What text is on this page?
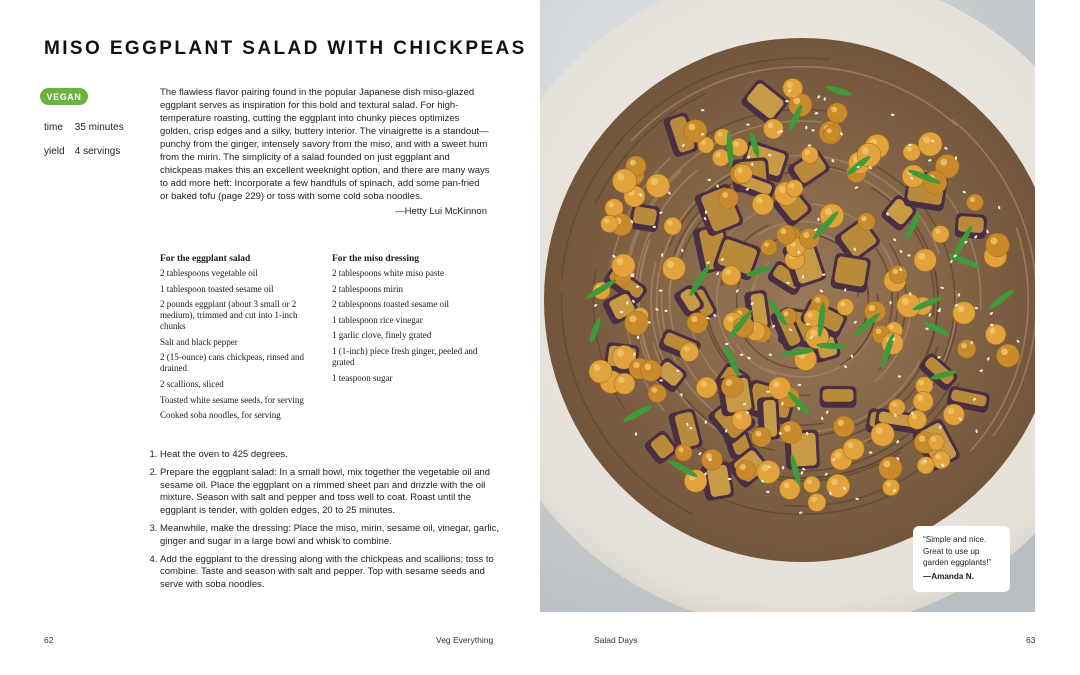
MISO EGGPLANT SALAD WITH CHICKPEAS
VEGAN
time 35 minutes
yield 4 servings

The flawless flavor pairing found in the popular Japanese dish miso-glazed eggplant serves as inspiration for this bold and textural salad. For high-temperature roasting, cutting the eggplant into chunky pieces optimizes golden, crisp edges and a silky, buttery interior. The vinaigrette is a standout—punchy from the ginger, intensely savory from the miso, and with a sweet hum from the mirin. The simplicity of a salad founded on just eggplant and chickpeas makes this an excellent weeknight option, and there are many ways to add more heft: Incorporate a few handfuls of spinach, add some pan-fried or baked tofu (page 229) or toss with some cold soba noodles.

—Hetty Lui McKinnon
For the eggplant salad
2 tablespoons vegetable oil
1 tablespoon toasted sesame oil
2 pounds eggplant (about 3 small or 2 medium), trimmed and cut into 1-inch chunks
Salt and black pepper
2 (15-ounce) cans chickpeas, rinsed and drained
2 scallions, sliced
Toasted white sesame seeds, for serving
Cooked soba noodles, for serving
For the miso dressing
2 tablespoons white miso paste
2 tablespoons mirin
2 tablespoons toasted sesame oil
1 tablespoon rice vinegar
1 garlic clove, finely grated
1 (1-inch) piece fresh ginger, peeled and grated
1 teaspoon sugar
1. Heat the oven to 425 degrees.
2. Prepare the eggplant salad: In a small bowl, mix together the vegetable oil and sesame oil. Place the eggplant on a rimmed sheet pan and drizzle with the oil mixture. Season with salt and pepper and toss well to coat. Roast until the eggplant is tender, with golden edges, 20 to 25 minutes.
3. Meanwhile, make the dressing: Place the miso, mirin, sesame oil, vinegar, garlic, ginger and sugar in a large bowl and whisk to combine.
4. Add the eggplant to the dressing along with the chickpeas and scallions; toss to combine. Taste and season with salt and pepper. Top with sesame seeds and serve with soba noodles.
“Simple and nice. Great to use up garden eggplants!”
—Amanda N.
62	Veg Everything	Salad Days	63
